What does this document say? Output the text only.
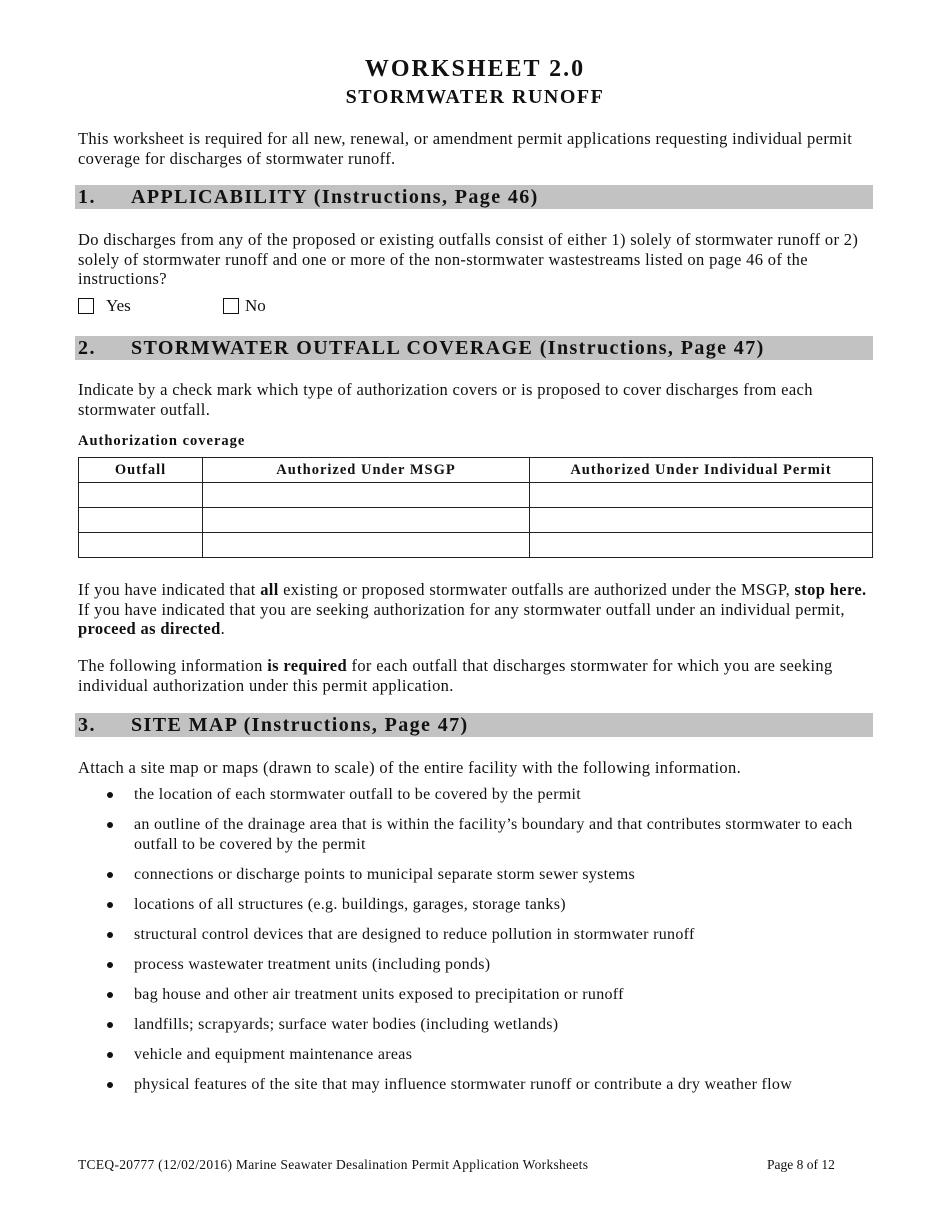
WORKSHEET 2.0
STORMWATER RUNOFF
This worksheet is required for all new, renewal, or amendment permit applications requesting individual permit coverage for discharges of stormwater runoff.
1. APPLICABILITY (Instructions, Page 46)
Do discharges from any of the proposed or existing outfalls consist of either 1) solely of stormwater runoff or 2) solely of stormwater runoff and one or more of the non-stormwater wastestreams listed on page 46 of the instructions?
Yes	No
2. STORMWATER OUTFALL COVERAGE (Instructions, Page 47)
Indicate by a check mark which type of authorization covers or is proposed to cover discharges from each stormwater outfall.
Authorization coverage
Outfall	Authorized Under MSGP	Authorized Under Individual Permit

If you have indicated that all existing or proposed stormwater outfalls are authorized under the MSGP, stop here. If you have indicated that you are seeking authorization for any stormwater outfall under an individual permit, proceed as directed.
The following information is required for each outfall that discharges stormwater for which you are seeking individual authorization under this permit application.
3. SITE MAP (Instructions, Page 47)
Attach a site map or maps (drawn to scale) of the entire facility with the following information.
the location of each stormwater outfall to be covered by the permit
an outline of the drainage area that is within the facility’s boundary and that contributes stormwater to each outfall to be covered by the permit
connections or discharge points to municipal separate storm sewer systems
locations of all structures (e.g. buildings, garages, storage tanks)
structural control devices that are designed to reduce pollution in stormwater runoff
process wastewater treatment units (including ponds)
bag house and other air treatment units exposed to precipitation or runoff
landfills; scrapyards; surface water bodies (including wetlands)
vehicle and equipment maintenance areas
physical features of the site that may influence stormwater runoff or contribute a dry weather flow
TCEQ-20777 (12/02/2016) Marine Seawater Desalination Permit Application Worksheets	Page 8 of 12
